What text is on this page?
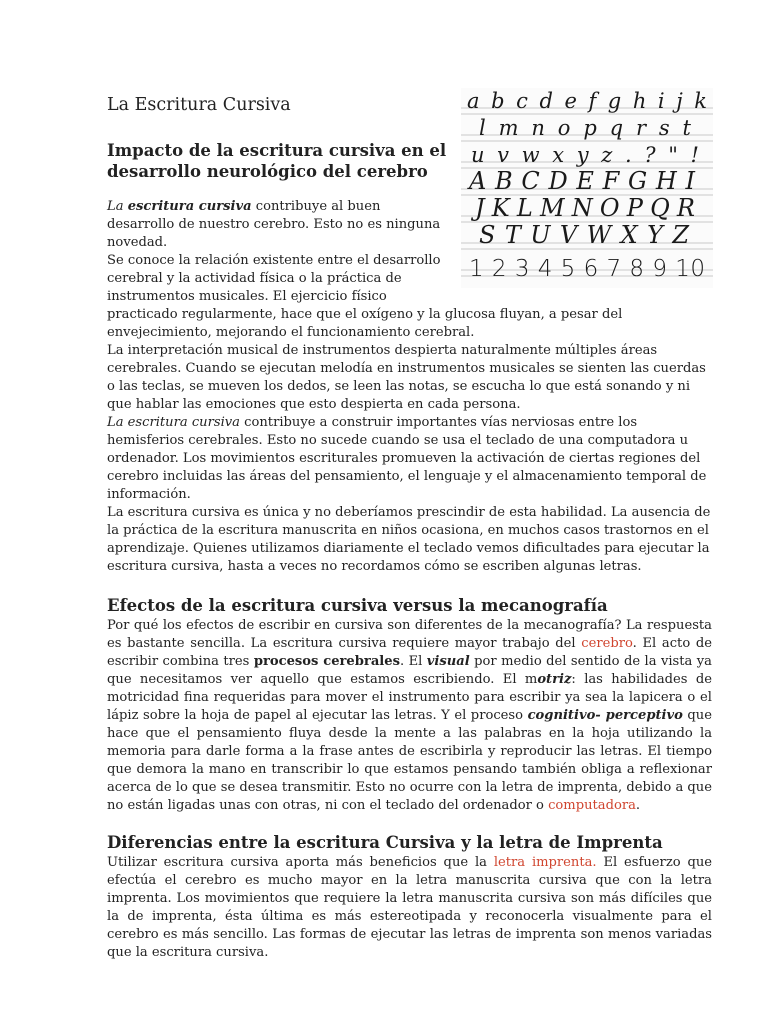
a b c d e f g h i j k
l m n o p q r s t
u v w x y z . ? " !
A B C D E F G H I
J K L M N O P Q R
S T U V W X Y Z
1 2 3 4 5 6 7 8 9 10
La Escritura Cursiva
Impacto de la escritura cursiva en el desarrollo neurológico del cerebro

La escritura cursiva contribuye al buen desarrollo de nuestro cerebro. Esto no es ninguna novedad.
Se conoce la relación existente entre el desarrollo cerebral y la actividad física o la práctica de instrumentos musicales. El ejercicio físico
practicado regularmente, hace que el oxígeno y la glucosa fluyan, a pesar del envejecimiento, mejorando el funcionamiento cerebral.

La interpretación musical de instrumentos despierta naturalmente múltiples áreas cerebrales. Cuando se ejecutan melodía en instrumentos musicales se sienten las cuerdas o las teclas, se mueven los dedos, se leen las notas, se escucha lo que está sonando y ni que hablar las emociones que esto despierta en cada persona.

La escritura cursiva contribuye a construir importantes vías nerviosas entre los hemisferios cerebrales. Esto no sucede cuando se usa el teclado de una computadora u ordenador. Los movimientos escriturales promueven la activación de ciertas regiones del cerebro incluidas las áreas del pensamiento, el lenguaje y el almacenamiento temporal de información.

La escritura cursiva es única y no deberíamos prescindir de esta habilidad. La ausencia de la práctica de la escritura manuscrita en niños ocasiona, en muchos casos trastornos en el aprendizaje. Quienes utilizamos diariamente el teclado vemos dificultades para ejecutar la escritura cursiva, hasta a veces no recordamos cómo se escriben algunas letras.

Efectos de la escritura cursiva versus la mecanografía

Por qué los efectos de escribir en cursiva son diferentes de la mecanografía? La respuesta es bastante sencilla. La escritura cursiva requiere mayor trabajo del cerebro. El acto de escribir combina tres procesos cerebrales. El visual por medio del sentido de la vista ya que necesitamos ver aquello que estamos escribiendo. El motriz: las habilidades de motricidad fina requeridas para mover el instrumento para escribir ya sea la lapicera o el lápiz sobre la hoja de papel al ejecutar las letras. Y el proceso cognitivo- perceptivo que hace que el pensamiento fluya desde la mente a las palabras en la hoja utilizando la memoria para darle forma a la frase antes de escribirla y reproducir las letras. El tiempo que demora la mano en transcribir lo que estamos pensando también obliga a reflexionar acerca de lo que se desea transmitir. Esto no ocurre con la letra de imprenta, debido a que no están ligadas unas con otras, ni con el teclado del ordenador o computadora.

Diferencias entre la escritura Cursiva y la letra de Imprenta

Utilizar escritura cursiva aporta más beneficios que la letra imprenta. El esfuerzo que efectúa el cerebro es mucho mayor en la letra manuscrita cursiva que con la letra imprenta. Los movimientos que requiere la letra manuscrita cursiva son más difíciles que la de imprenta, ésta última es más estereotipada y reconocerla visualmente para el cerebro es más sencillo. Las formas de ejecutar las letras de imprenta son menos variadas que la escritura cursiva.
